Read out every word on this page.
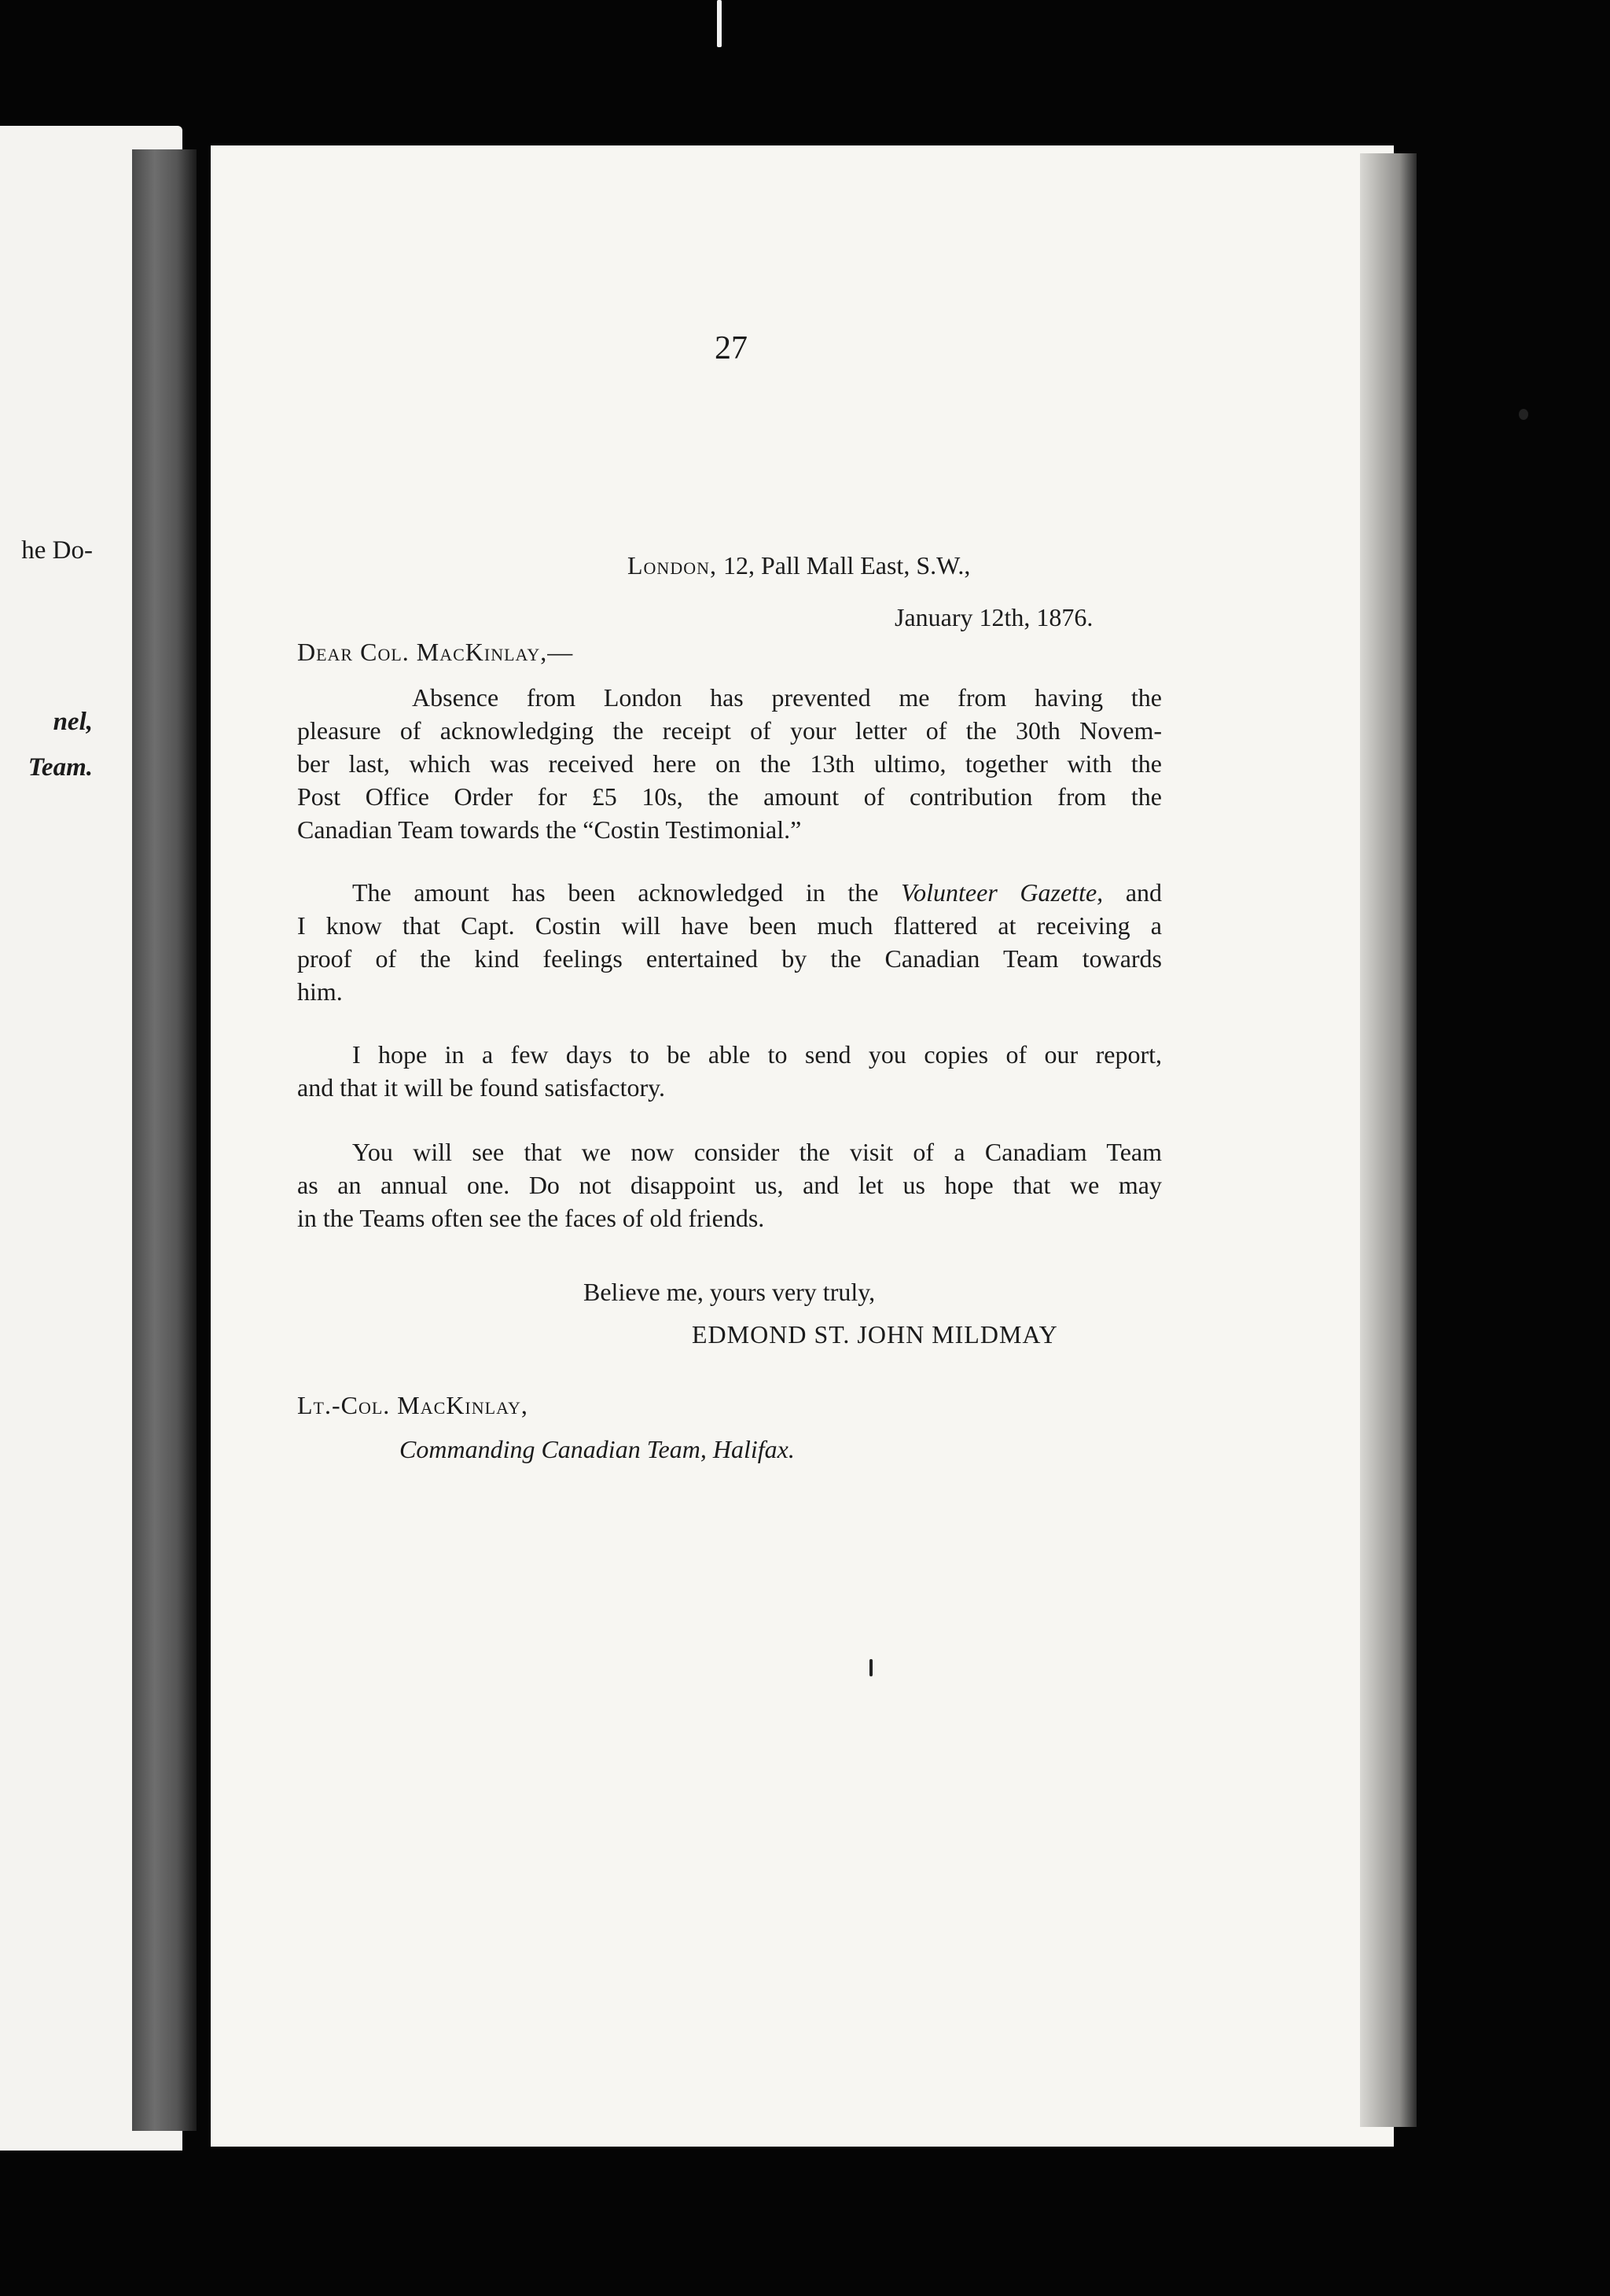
he Do-
nel,
Team.
27
London, 12, Pall Mall East, S.W.,
January 12th, 1876.
Dear Col. MacKinlay,—
Absence from London has prevented me from having the
pleasure of acknowledging the receipt of your letter of the 30th Novem-
ber last, which was received here on the 13th ultimo, together with the
Post Office Order for £5 10s, the amount of contribution from the
Canadian Team towards the “Costin Testimonial.”
The amount has been acknowledged in the Volunteer Gazette, and
I know that Capt. Costin will have been much flattered at receiving a
proof of the kind feelings entertained by the Canadian Team towards
him.
I hope in a few days to be able to send you copies of our report,
and that it will be found satisfactory.
You will see that we now consider the visit of a Canadiam Team
as an annual one. Do not disappoint us, and let us hope that we may
in the Teams often see the faces of old friends.
Believe me, yours very truly,
EDMOND ST. JOHN MILDMAY
Lt.-Col. MacKinlay,
Commanding Canadian Team, Halifax.
